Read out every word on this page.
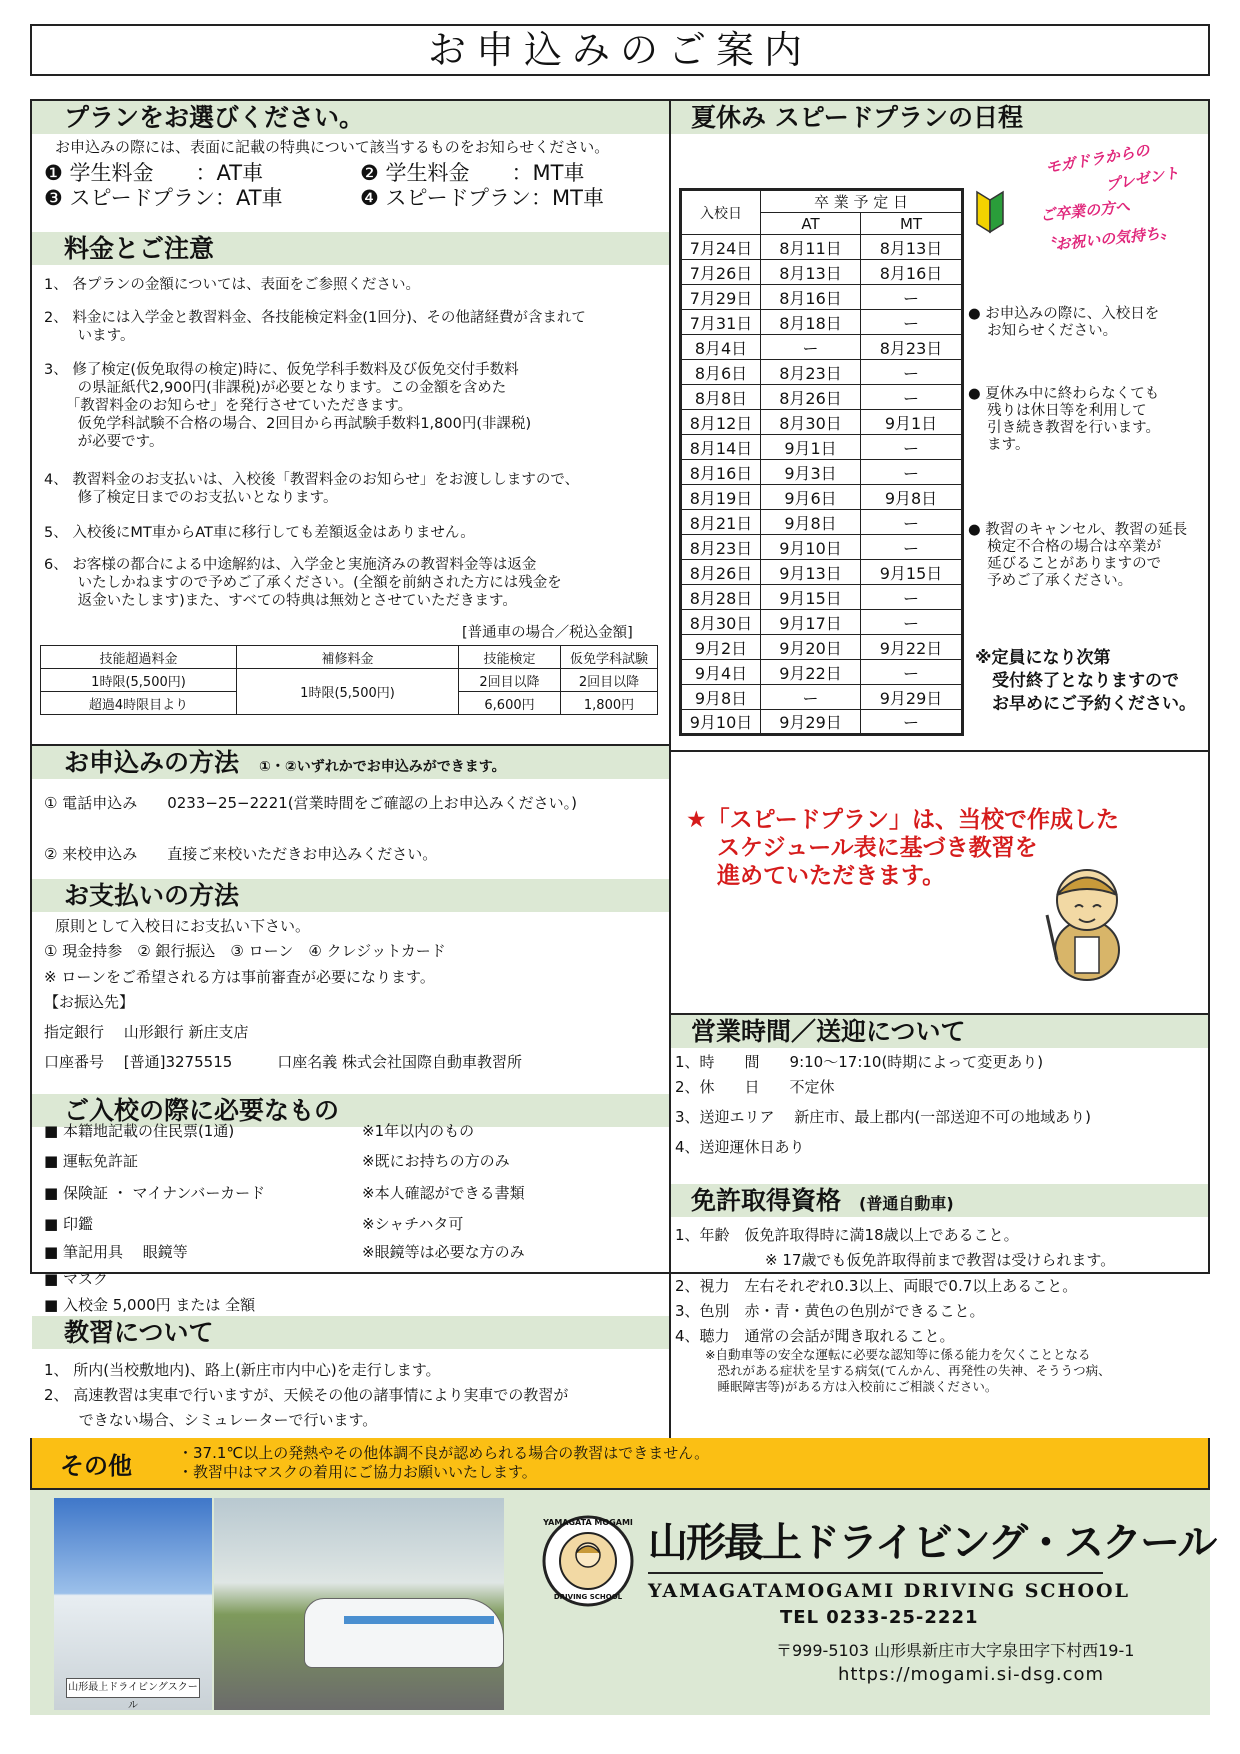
お申込みのご案内
プランをお選びください。
お申込みの際には、表面に記載の特典について該当するものをお知らせください。
❶ 学生料金　　：AT車	❷ 学生料金　　：MT車
❸ スピードプラン：AT車	❹ スピードプラン：MT車
料金とご注意
1、 各プランの金額については、表面をご参照ください。
2、 料金には入学金と教習料金、各技能検定料金(1回分)、その他諸経費が含まれて
　　 います。
3、 修了検定(仮免取得の検定)時に、仮免学科手数料及び仮免交付手数料
　　 の県証紙代2,900円(非課税)が必要となります。この金額を含めた
　　「教習料金のお知らせ」を発行させていただきます。
　　 仮免学科試験不合格の場合、2回目から再試験手数料1,800円(非課税)
　　 が必要です。
4、 教習料金のお支払いは、入校後「教習料金のお知らせ」をお渡ししますので、
　　 修了検定日までのお支払いとなります。
5、 入校後にMT車からAT車に移行しても差額返金はありません。
6、 お客様の都合による中途解約は、入学金と実施済みの教習料金等は返金
　　 いたしかねますので予めご了承ください。(全額を前納された方には残金を
　　 返金いたします)また、すべての特典は無効とさせていただきます。
[普通車の場合／税込金額]
技能超過料金	補修料金	技能検定	仮免学科試験
1時限(5,500円)	1時限(5,500円)	2回目以降	2回目以降
超過4時限目より		6,600円	1,800円
お申込みの方法 ①・②いずれかでお申込みができます。
① 電話申込み　　0233−25−2221(営業時間をご確認の上お申込みください。)
② 来校申込み　　直接ご来校いただきお申込みください。
お支払いの方法
原則として入校日にお支払い下さい。
① 現金持参　② 銀行振込　③ ローン　④ クレジットカード
※ ローンをご希望される方は事前審査が必要になります。
【お振込先】
指定銀行　 山形銀行 新庄支店
口座番号　 [普通]3275515　　　口座名義 株式会社国際自動車教習所
ご入校の際に必要なもの
■ 本籍地記載の住民票(1通)	※1年以内のもの
■ 運転免許証	※既にお持ちの方のみ
■ 保険証 ・ マイナンバーカード	※本人確認ができる書類
■ 印鑑	※シャチハタ可
■ 筆記用具　 眼鏡等	※眼鏡等は必要な方のみ
■ マスク
■ 入校金 5,000円 または 全額
教習について
1、 所内(当校敷地内)、路上(新庄市内中心)を走行します。
2、 高速教習は実車で行いますが、天候その他の諸事情により実車での教習が
　　 できない場合、シミュレーターで行います。
夏休み スピードプランの日程
入校日	卒 業 予 定 日	
	AT	MT
7月24日	8月11日	8月13日
7月26日	8月13日	8月16日
7月29日	8月16日	ー
7月31日	8月18日	ー
8月4日	ー	8月23日
8月6日	8月23日	ー
8月8日	8月26日	ー
8月12日	8月30日	9月1日
8月14日	9月1日	ー
8月16日	9月3日	ー
8月19日	9月6日	9月8日
8月21日	9月8日	ー
8月23日	9月10日	ー
8月26日	9月13日	9月15日
8月28日	9月15日	ー
8月30日	9月17日	ー
9月2日	9月20日	9月22日
9月4日	9月22日	ー
9月8日	ー	9月29日
9月10日	9月29日	ー
モガドラからの
プレゼント
ご卒業の方へ
〝お祝いの気持ち〟
● お申込みの際に、入校日を
　 お知らせください。
● 夏休み中に終わらなくても
　 残りは休日等を利用して
　 引き続き教習を行います。
　 ます。
● 教習のキャンセル、教習の延長
　 検定不合格の場合は卒業が
　 延びることがありますので
　 予めご了承ください。
※定員になり次第
　受付終了となりますので
　お早めにご予約ください。
★「スピードプラン」は、当校で作成した
　 スケジュール表に基づき教習を
　 進めていただきます。
営業時間／送迎について
1、時　　間　　9:10〜17:10(時期によって変更あり)
2、休　　日　　不定休
3、送迎エリア　 新庄市、最上郡内(一部送迎不可の地域あり)
4、送迎運休日あり
免許取得資格 (普通自動車)
1、年齢　仮免許取得時に満18歳以上であること。
　　　　　　※ 17歳でも仮免許取得前まで教習は受けられます。
2、視力　左右それぞれ0.3以上、両眼で0.7以上あること。
3、色別　赤・青・黄色の色別ができること。
4、聴力　通常の会話が聞き取れること。
※自動車等の安全な運転に必要な認知等に係る能力を欠くこととなる
　恐れがある症状を呈する病気(てんかん、再発性の失神、そううつ病、
　睡眠障害等)がある方は入校前にご相談ください。
その他	・37.1℃以上の発熱やその他体調不良が認められる場合の教習はできません。
・教習中はマスクの着用にご協力お願いいたします。
山形最上ドライビングスクール
YAMAGATA MOGAMI
DRIVING SCHOOL
山形最上ドライビング・スクール
YAMAGATAMOGAMI DRIVING SCHOOL
TEL 0233-25-2221
〒999-5103 山形県新庄市大字泉田字下村西19-1
https://mogami.si-dsg.com
